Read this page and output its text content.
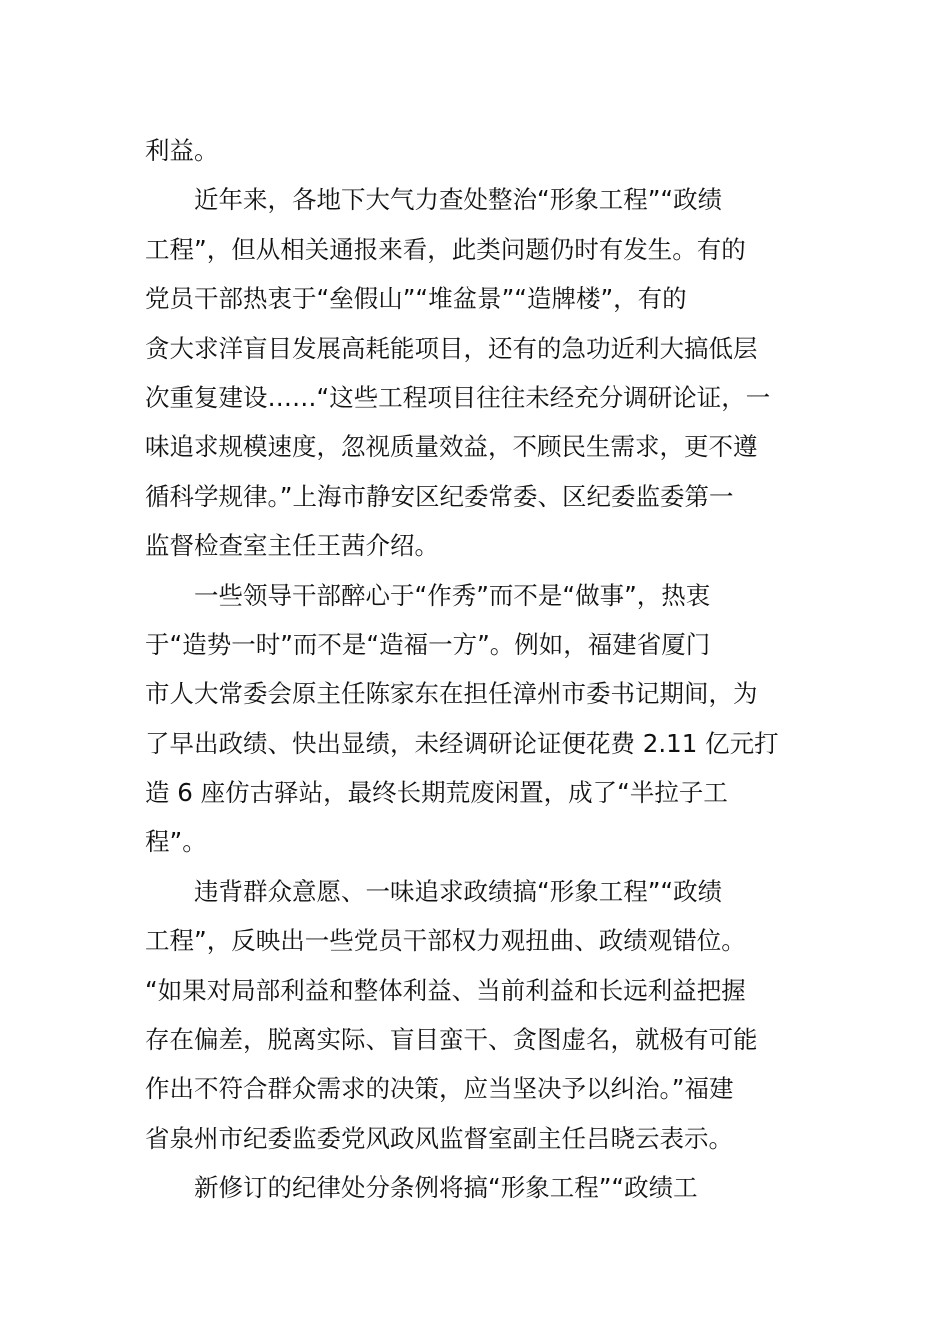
利益。
近年来，各地下大气力查处整治“形象工程”“政绩
工程”，但从相关通报来看，此类问题仍时有发生。有的
党员干部热衷于“垒假山”“堆盆景”“造牌楼”，有的
贪大求洋盲目发展高耗能项目，还有的急功近利大搞低层
次重复建设……“这些工程项目往往未经充分调研论证，一
味追求规模速度，忽视质量效益，不顾民生需求，更不遵
循科学规律。”上海市静安区纪委常委、区纪委监委第一
监督检查室主任王茜介绍。
一些领导干部醉心于“作秀”而不是“做事”，热衷
于“造势一时”而不是“造福一方”。例如，福建省厦门
市人大常委会原主任陈家东在担任漳州市委书记期间，为
了早出政绩、快出显绩，未经调研论证便花费 2.11 亿元打
造 6 座仿古驿站，最终长期荒废闲置，成了“半拉子工
程”。
违背群众意愿、一味追求政绩搞“形象工程”“政绩
工程”，反映出一些党员干部权力观扭曲、政绩观错位。
“如果对局部利益和整体利益、当前利益和长远利益把握
存在偏差，脱离实际、盲目蛮干、贪图虚名，就极有可能
作出不符合群众需求的决策，应当坚决予以纠治。”福建
省泉州市纪委监委党风政风监督室副主任吕晓云表示。
新修订的纪律处分条例将搞“形象工程”“政绩工
